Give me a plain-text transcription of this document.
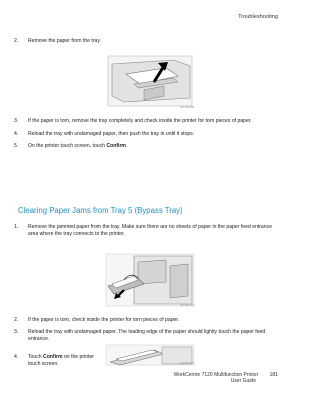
Troubleshooting
2. Remove the paper from the tray.
wc7120-000
3. If the paper is torn, remove the tray completely and check inside the printer for torn pieces of paper.
4. Reload the tray with undamaged paper, then push the tray in until it stops.
5. On the printer touch screen, touch Confirm.
Clearing Paper Jams from Tray 5 (Bypass Tray)
1. Remove the jammed paper from the tray. Make sure there are no sheets of paper in the paper feed entrance area where the tray connects to the printer.
wc7120-001
2. If the paper is torn, check inside the printer for torn pieces of paper.
3. Reload the tray with undamaged paper. The leading edge of the paper should lightly touch the paper feed entrance.
wc7120-002
4. Touch Confirm on the printer touch screen.
WorkCentre 7120 Multifunction Printer 181
User Guide
